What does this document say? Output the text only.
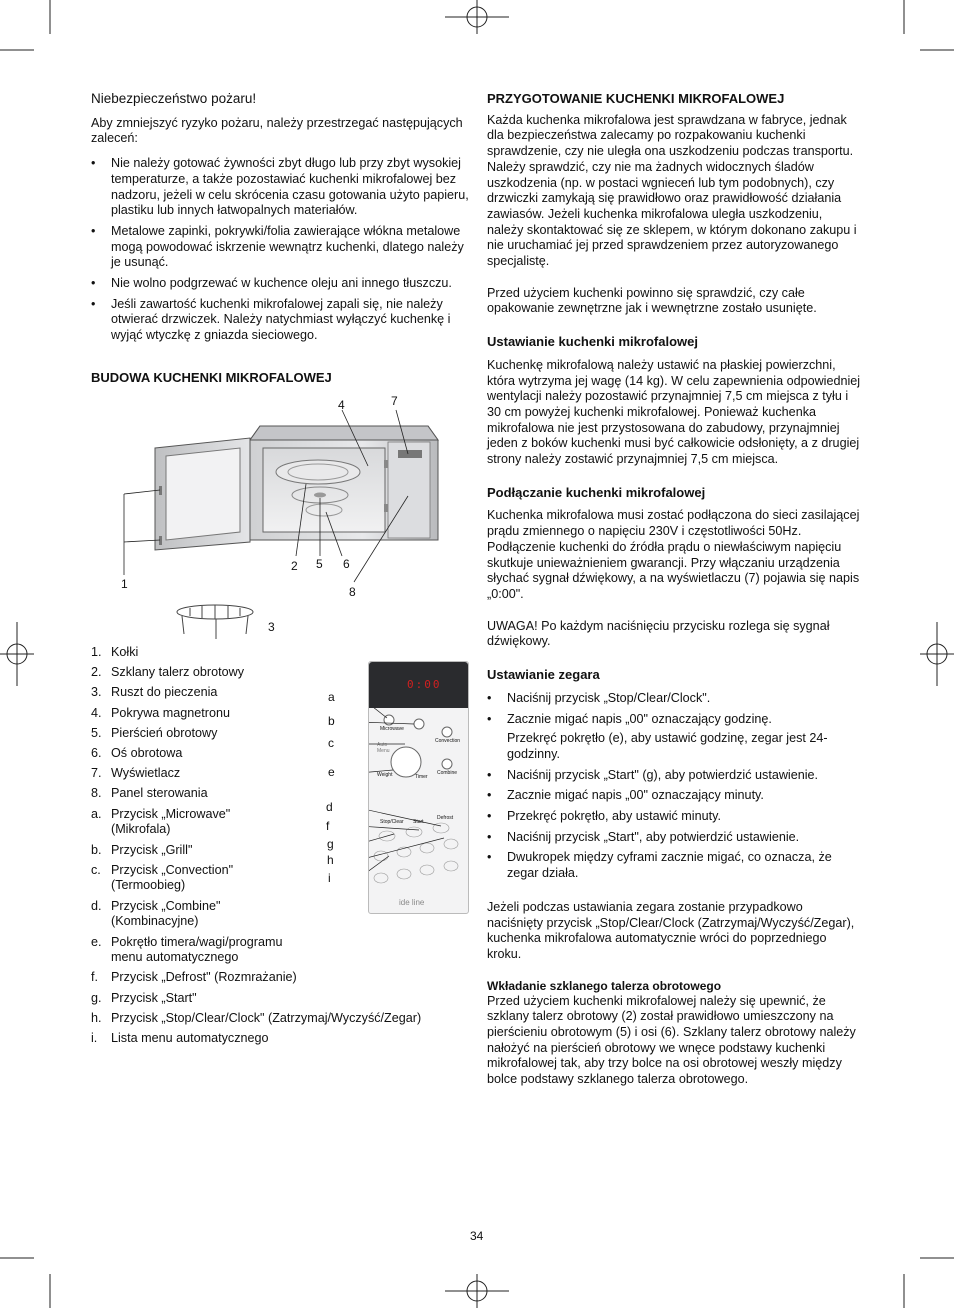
Niebezpieczeństwo pożaru!

Aby zmniejszyć ryzyko pożaru, należy przestrzegać następujących zaleceń:

• Nie należy gotować żywności zbyt długo lub przy zbyt wysokiej temperaturze, a także pozostawiać kuchenki mikrofalowej bez nadzoru, jeżeli w celu skrócenia czasu gotowania użyto papieru, plastiku lub innych łatwopalnych materiałów.
• Metalowe zapinki, pokrywki/folia zawierające włókna metalowe mogą powodować iskrzenie wewnątrz kuchenki, dlatego należy je usunąć.
• Nie wolno podgrzewać w kuchence oleju ani innego tłuszczu.
• Jeśli zawartość kuchenki mikrofalowej zapali się, nie należy otwierać drzwiczek. Należy natychmiast wyłączyć kuchenkę i wyjąć wtyczkę z gniazda sieciowego.
BUDOWA KUCHENKI MIKROFALOWEJ
1
2
3
4
5 6
7
8
1. Kołki
2. Szklany talerz obrotowy
3. Ruszt do pieczenia
4. Pokrywa magnetronu
5. Pierścień obrotowy
6. Oś obrotowa
7. Wyświetlacz
8. Panel sterowania
a. Przycisk „Microwave" (Mikrofala)
b. Przycisk „Grill"
c. Przycisk „Convection" (Termoobieg)
d. Przycisk „Combine" (Kombinacyjne)
e. Pokrętło timera/wagi/programu menu automatycznego
f.	Przycisk „Defrost" (Rozmrażanie)
g. Przycisk „Start"
h. Przycisk „Stop/Clear/Clock" (Zatrzymaj/Wyczyść/Zegar)
i.	Lista menu automatycznego
0:00
Microwave
Convection
Auto Menu
Weight	Timer
Combine
Stop/Clear Start
Defrost
ide line
a
b
c
d
e
f
g
h
i
PRZYGOTOWANIE KUCHENKI MIKROFALOWEJ

Każda kuchenka mikrofalowa jest sprawdzana w fabryce, jednak dla bezpieczeństwa zalecamy po rozpakowaniu kuchenki sprawdzenie, czy nie uległa ona uszkodzeniu podczas transportu. Należy sprawdzić, czy nie ma żadnych widocznych śladów uszkodzenia (np. w postaci wgnieceń lub tym podobnych), czy drzwiczki zamykają się prawidłowo oraz prawidłowość działania zawiasów. Jeżeli kuchenka mikrofalowa uległa uszkodzeniu, należy skontaktować się ze sklepem, w którym dokonano zakupu i nie uruchamiać jej przed sprawdzeniem przez autoryzowanego specjalistę.

Przed użyciem kuchenki powinno się sprawdzić, czy całe opakowanie zewnętrzne jak i wewnętrzne zostało usunięte.

Ustawianie kuchenki mikrofalowej

Kuchenkę mikrofalową należy ustawić na płaskiej powierzchni, która wytrzyma jej wagę (14 kg). W celu zapewnienia odpowiedniej wentylacji należy pozostawić przynajmniej 7,5 cm miejsca z tyłu i 30 cm powyżej kuchenki mikrofalowej. Ponieważ kuchenka mikrofalowa nie jest przystosowana do zabudowy, przynajmniej jeden z boków kuchenki musi być całkowicie odsłonięty, a z drugiej strony należy zostawić przynajmniej 7,5 cm miejsca.

Podłączanie kuchenki mikrofalowej

Kuchenka mikrofalowa musi zostać podłączona do sieci zasilającej prądu zmiennego o napięciu 230V i częstotliwości 50Hz. Podłączenie kuchenki do źródła prądu o niewłaściwym napięciu skutkuje unieważnieniem gwarancji. Przy włączaniu urządzenia słychać sygnał dźwiękowy, a na wyświetlaczu (7) pojawia się napis „0:00".

UWAGA! Po każdym naciśnięciu przycisku rozlega się sygnał dźwiękowy.

Ustawianie zegara
• Naciśnij przycisk „Stop/Clear/Clock".
• Zacznie migać napis „00" oznaczający godzinę.
Przekręć pokrętło (e), aby ustawić godzinę, zegar jest 24-godzinny.
• Naciśnij przycisk „Start" (g), aby potwierdzić ustawienie.
• Zacznie migać napis „00" oznaczający minuty.
• Przekręć pokrętło, aby ustawić minuty.
• Naciśnij przycisk „Start", aby potwierdzić ustawienie.
• Dwukropek między cyframi zacznie migać, co oznacza, że zegar działa.

Jeżeli podczas ustawiania zegara zostanie przypadkowo naciśnięty przycisk „Stop/Clear/Clock (Zatrzymaj/Wyczyść/Zegar), kuchenka mikrofalowa automatycznie wróci do poprzedniego kroku.

Wkładanie szklanego talerza obrotowego

Przed użyciem kuchenki mikrofalowej należy się upewnić, że szklany talerz obrotowy (2) został prawidłowo umieszczony na pierścieniu obrotowym (5) i osi (6). Szklany talerz obrotowy należy nałożyć na pierścień obrotowy we wnęce podstawy kuchenki mikrofalowej tak, aby trzy bolce na osi obrotowej weszły między bolce podstawy szklanego talerza obrotowego.

34
